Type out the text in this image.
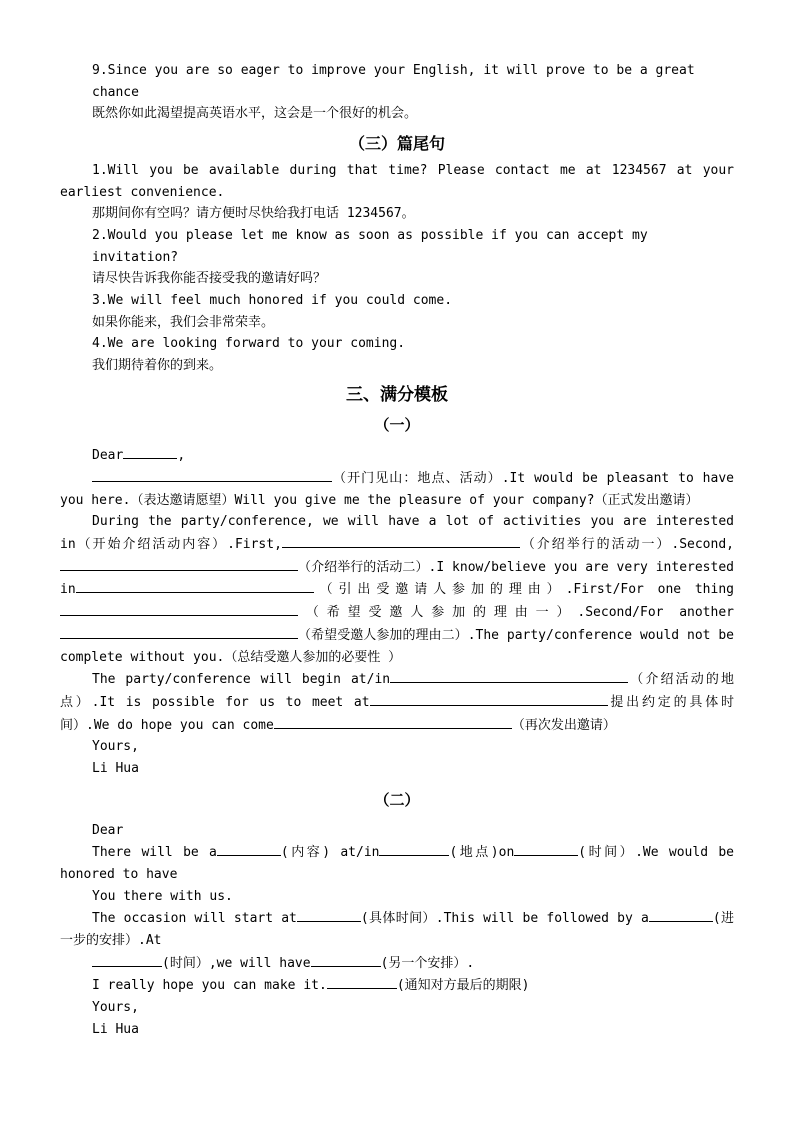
9.Since you are so eager to improve your English, it will prove to be a great chance

既然你如此渴望提高英语水平，这会是一个很好的机会。

（三）篇尾句

1.Will you be available during that time? Please contact me at 1234567 at your earliest convenience.

那期间你有空吗？请方便时尽快给我打电话 1234567。

2.Would you please let me know as soon as possible if you can accept my invitation?

请尽快告诉我你能否接受我的邀请好吗？

3.We will feel much honored if you could come.

如果你能来，我们会非常荣幸。

4.We are looking forward to your coming.

我们期待着你的到来。

三、满分模板
（一）

Dear	,

（开门见山：地点、活动）.It would be pleasant to have you here.（表达邀请愿望）Will you give me the pleasure of your company?（正式发出邀请）

During the party/conference, we will have a lot of activities you are interested in（开始介绍活动内容）.First,	（介绍举行的活动一）.Second,（介绍举行的活动二）.I know/believe you are very interested in	（引出受邀请人参加的理由）.First/For one thing（希望受邀人参加的理由一）.Second/For another（希望受邀人参加的理由二）.The party/conference would not be complete without you.（总结受邀人参加的必要性 ）

The party/conference will begin at/in	（介绍活动的地点）.It is possible for us to meet at	提出约定的具体时间）.We do hope you can come	（再次发出邀请）

Yours,

Li Hua

（二）

Dear

There will be a	(内容) at/in	(地点)on	(时间）.We would be honored to have

You there with us.

The occasion will start at	(具体时间）.This will be followed by a	(进一步的安排）.At

(时间）,we will have	(另一个安排）.

I really hope you can make it.	(通知对方最后的期限)

Yours,

Li Hua
